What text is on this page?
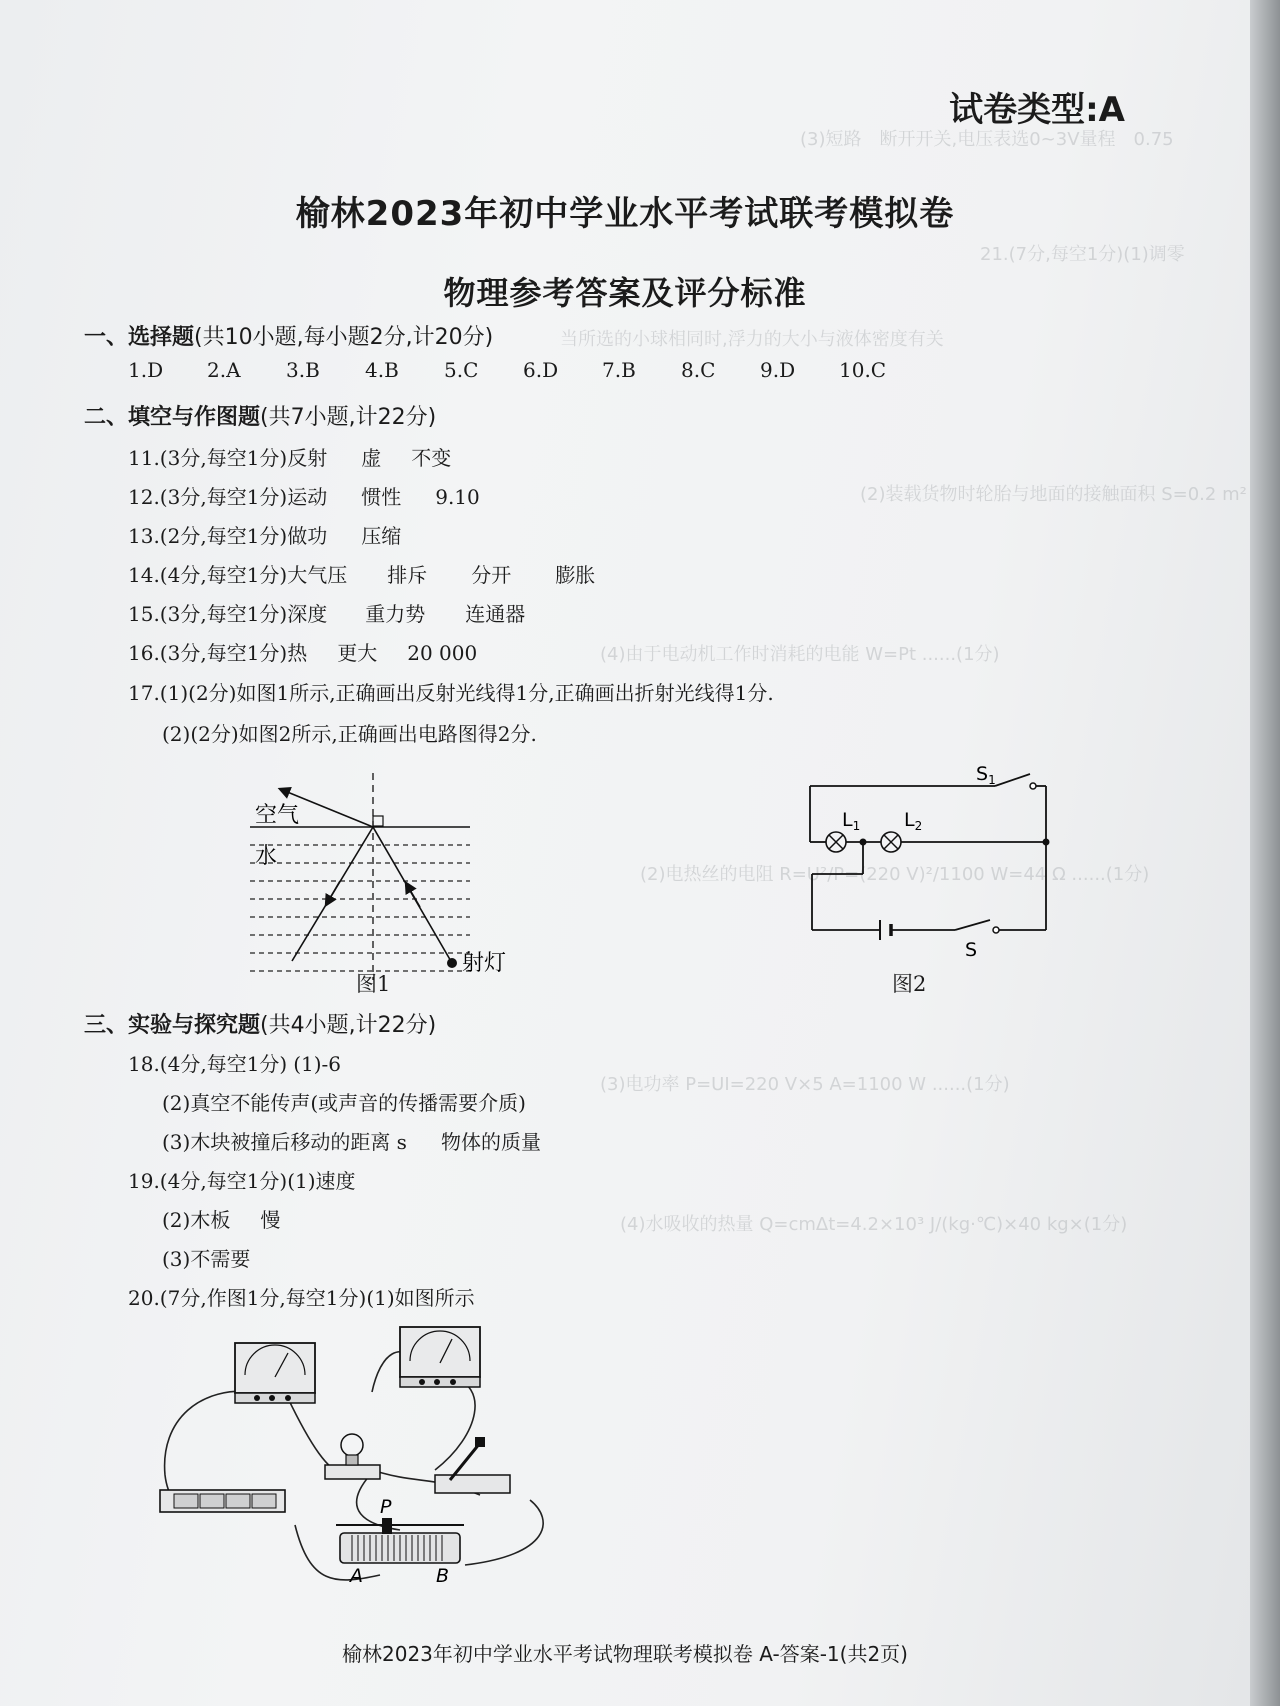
(3)短路　断开开关,电压表选0~3V量程　0.75
21.(7分,每空1分)(1)调零
当所选的小球相同时,浮力的大小与液体密度有关
(2)装载货物时轮胎与地面的接触面积 S=0.2 m²
(4)由于电动机工作时消耗的电能 W=Pt ......(1分)
(2)电热丝的电阻 R=U²/P=(220 V)²/1100 W=44 Ω ......(1分)
(3)电功率 P=UI=220 V×5 A=1100 W ......(1分)
(4)水吸收的热量 Q=cmΔt=4.2×10³ J/(kg·℃)×40 kg×(1分)
试卷类型:A
榆林2023年初中学业水平考试联考模拟卷
物理参考答案及评分标准
一、选择题(共10小题,每小题2分,计20分)
1.D 2.A 3.B 4.B 5.C 6.D 7.B 8.C 9.D 10.C
二、填空与作图题(共7小题,计22分)
11.(3分,每空1分)反射 虚 不变
12.(3分,每空1分)运动 惯性 9.10
13.(2分,每空1分)做功 压缩
14.(4分,每空1分)大气压 排斥 分开 膨胀
15.(3分,每空1分)深度 重力势 连通器
16.(3分,每空1分)热 更大 20 000
17.(1)(2分)如图1所示,正确画出反射光线得1分,正确画出折射光线得1分.
(2)(2分)如图2所示,正确画出电路图得2分.
空气
水
射灯
图1
$S_1$
$L_1$ $L_2$
S
图2
三、实验与探究题(共4小题,计22分)
18.(4分,每空1分) (1)-6
(2)真空不能传声(或声音的传播需要介质)
(3)木块被撞后移动的距离 s 物体的质量
19.(4分,每空1分)(1)速度
(2)木板 慢
(3)不需要
20.(7分,作图1分,每空1分)(1)如图所示
P
A	B
榆林2023年初中学业水平考试物理联考模拟卷 A-答案-1(共2页)
